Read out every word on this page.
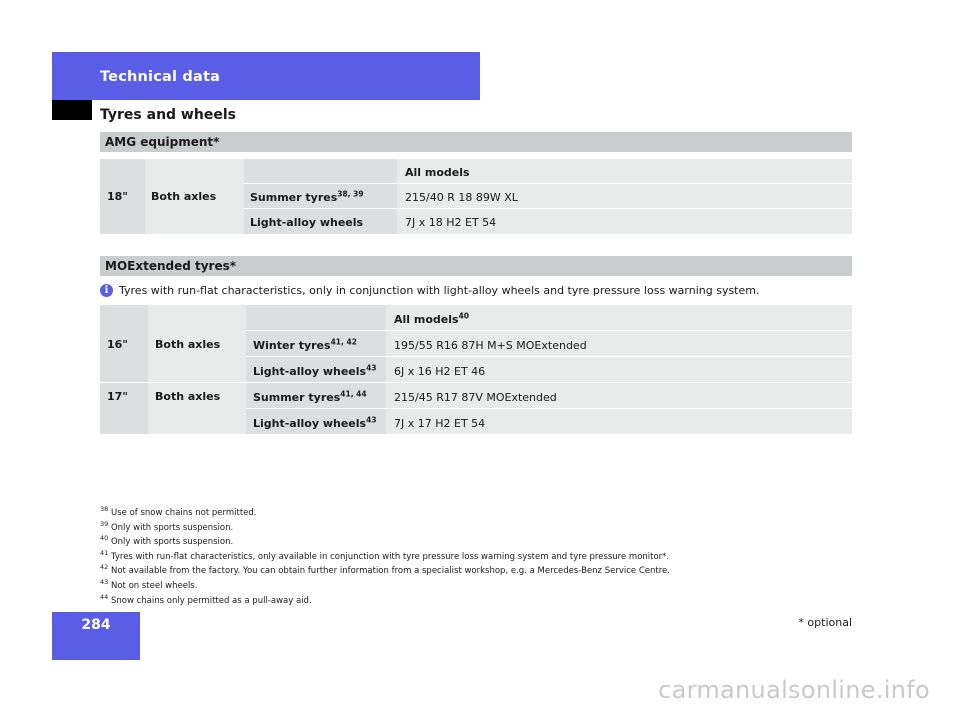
Technical data
Tyres and wheels
AMG equipment*
All models
18" Both axles	Summer tyres$^{38, 39}$	215/40 R 18 89W XL
Light-alloy wheels	7J x 18 H2 ET 54
MOExtended tyres*
i Tyres with run-flat characteristics, only in conjunction with light-alloy wheels and tyre pressure loss warning system.
All models$^{40}$
16" Both axles	Winter tyres$^{41, 42}$	195/55 R16 87H M+S MOExtended
Light-alloy wheels$^{43}$ 6J x 16 H2 ET 46
17" Both axles	Summer tyres$^{41, 44}$ 215/45 R17 87V MOExtended
Light-alloy wheels$^{43}$ 7J x 17 H2 ET 54
$^{38}$ Use of snow chains not permitted.
$^{39}$ Only with sports suspension.
$^{40}$ Only with sports suspension.
$^{41}$ Tyres with run-flat characteristics, only available in conjunction with tyre pressure loss warning system and tyre pressure monitor*.
$^{42}$ Not available from the factory. You can obtain further information from a specialist workshop, e.g. a Mercedes-Benz Service Centre.
$^{43}$ Not on steel wheels.
$^{44}$ Snow chains only permitted as a pull-away aid.
284	* optional
carmanualsonline.info
